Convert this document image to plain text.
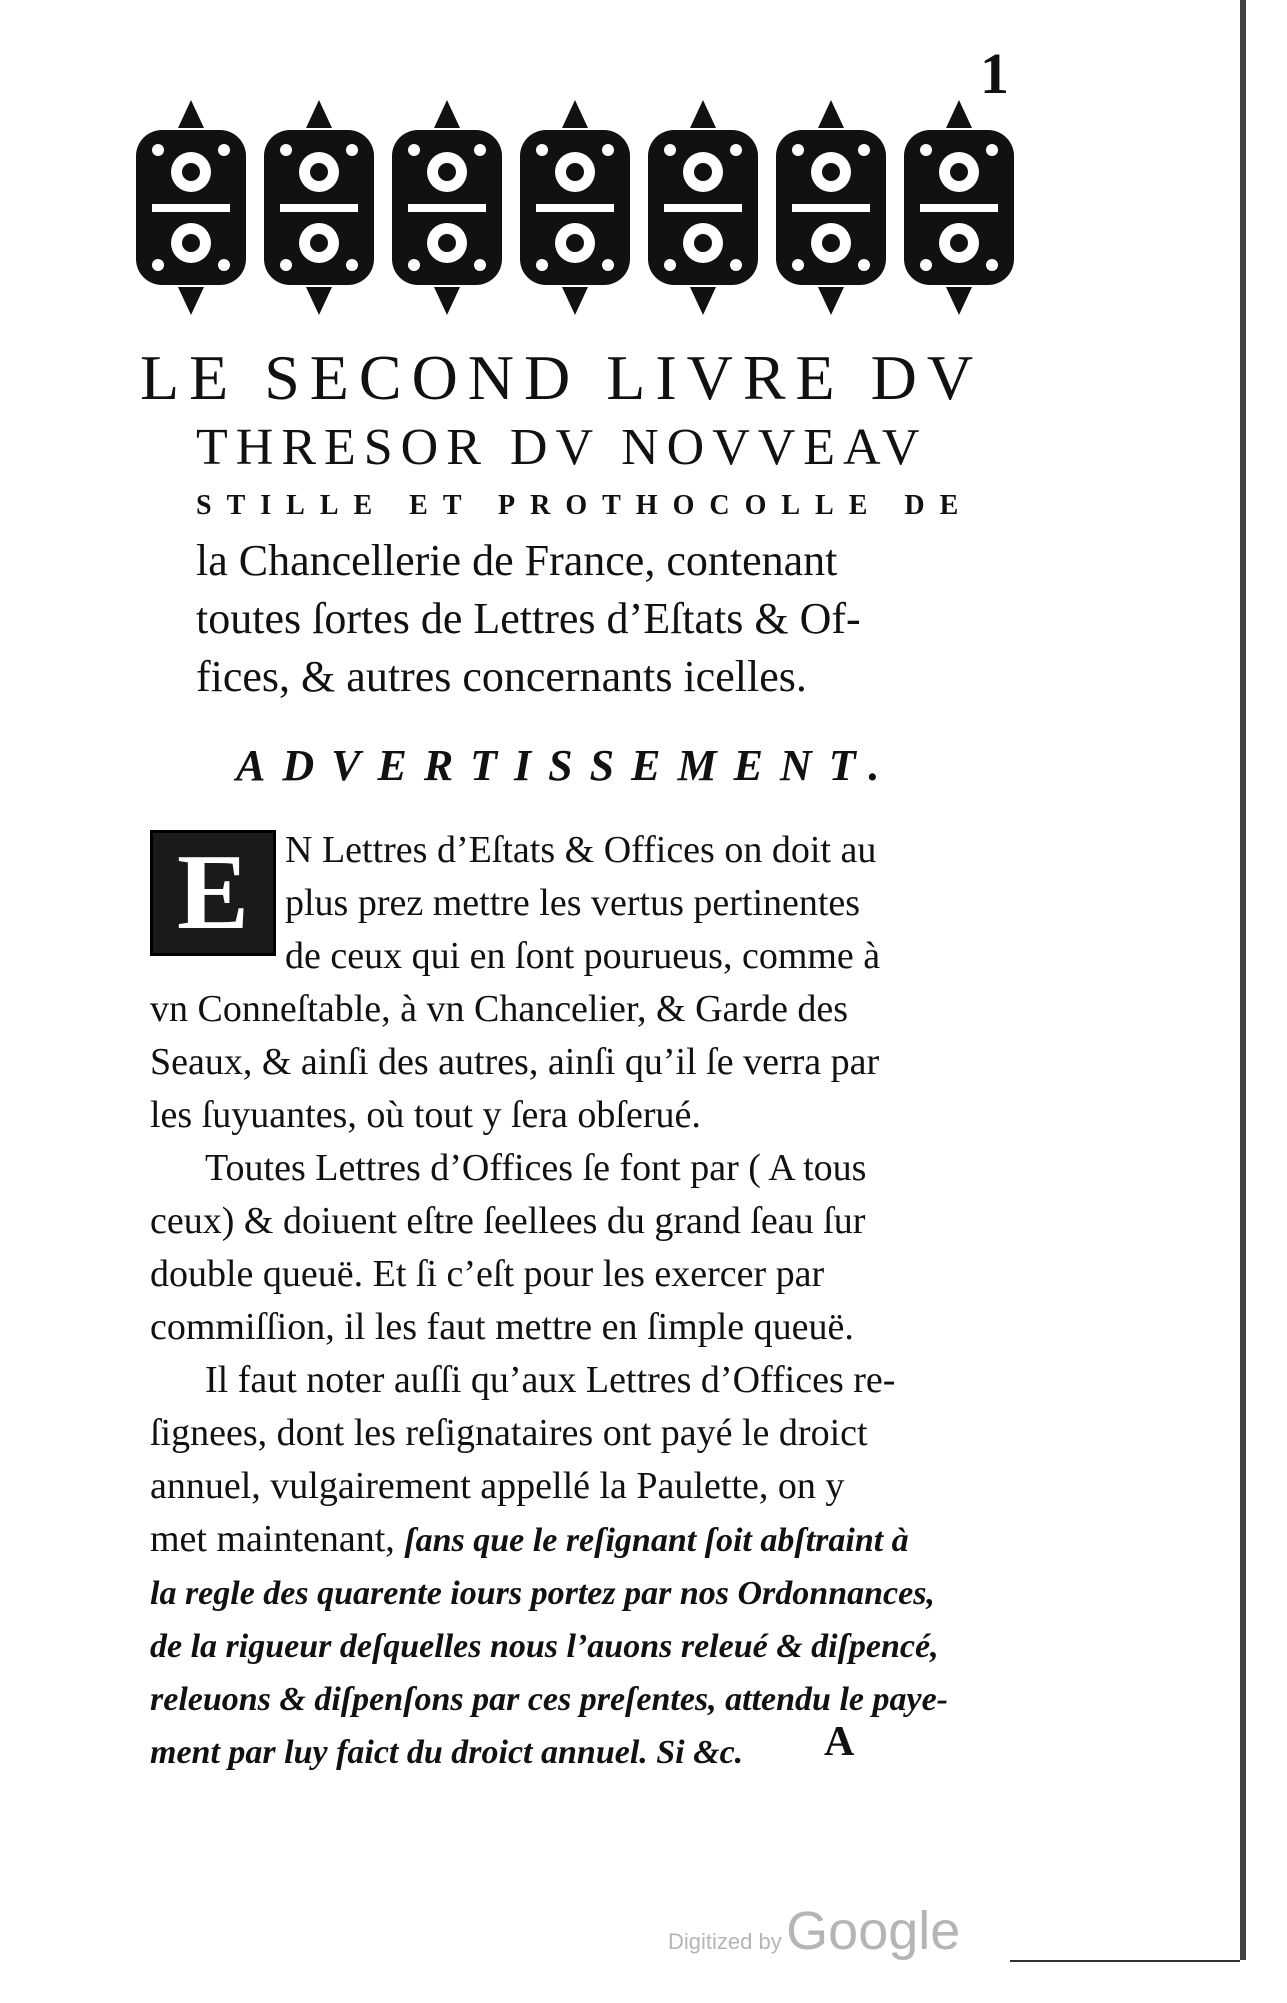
1
LE SECOND LIVRE DV
THRESOR DV NOVVEAV
STILLE ET PROTHOCOLLE DE
la Chancellerie de France, contenant
toutes ſortes de Lettres d’Eſtats & Of-
fices, & autres concernants icelles.
ADVERTISSEMENT.
E N Lettres d’Eſtats & Offices on doit au
plus prez mettre les vertus pertinentes
de ceux qui en ſont pourueus, comme à
vn Conneſtable, à vn Chancelier, & Garde des
Seaux, & ainſi des autres, ainſi qu’il ſe verra par
les ſuyuantes, où tout y ſera obſerué.
Toutes Lettres d’Offices ſe font par ( A tous
ceux) & doiuent eſtre ſeellees du grand ſeau ſur
double queuë. Et ſi c’eſt pour les exercer par
commiſſion, il les faut mettre en ſimple queuë.
Il faut noter auſſi qu’aux Lettres d’Offices re-
ſignees, dont les reſignataires ont payé le droict
annuel, vulgairement appellé la Paulette, on y
met maintenant, ſans que le reſignant ſoit abſtraint à
la regle des quarente iours portez par nos Ordonnances,
de la rigueur deſquelles nous l’auons releué & diſpencé,
releuons & diſpenſons par ces preſentes, attendu le paye-
ment par luy faict du droict annuel. Si &c.	A
Digitized by Google
